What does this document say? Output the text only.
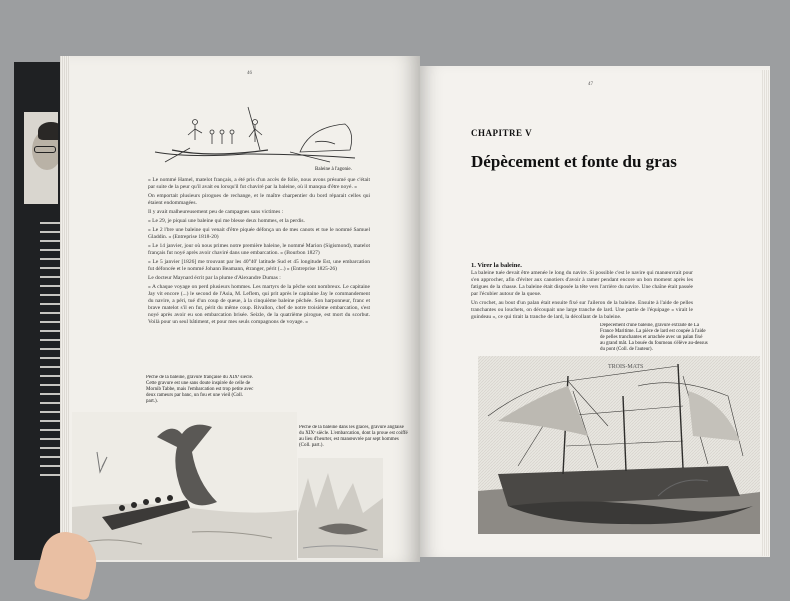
46
Baleine à l'agonie.

« Le nommé Hamel, matelot français, a été pris d'un accès de folie, nous avons présumé que c'était par suite de la peur qu'il avait eu lorsqu'il fut chaviré par la baleine, où il manqua d'être noyé. »

On emportait plusieurs pirogues de rechange, et le maître charpentier du bord réparait celles qui étaient endommagées.

Il y avait malheureusement peu de campagnes sans victimes :

« Le 29, je piquai une baleine qui me blesse deux hommes, et la perdis.

« Le 2 l'bre une baleine qui venait d'être piquée défonça un de mes canots et tue le nommé Samuel Gladdin. » (Entreprise 1818-20)

« Le 14 janvier, jour où nous primes notre première baleine, le nommé Marion (Sigismond), matelot français fut noyé après avoir chaviré dans une embarcation. » (Bourbon 1827)

« Le 5 janvier [1826] me trouvant par les 40°40' latitude Sud et 45 longitude Est, une embarcation fut défoncée et le nommé Johann Beamann, étranger, périt (...) » (Entreprise 1825-26)

Le docteur Maynard écrit par la plume d'Alexandre Dumas :

« A chaque voyage on perd plusieurs hommes. Les martyrs de la pêche sont nombreux. Le capitaine Jay vit encore (...) le second de l'Asia, M. Leflem, qui prit après le capitaine Jay le commandement du navire, a péri, tué d'un coup de queue, à la cinquième baleine pêchée. Son harponneur, franc et brave matelot s'il en fut, périt du même coup. Rivallon, chef de notre troisième embarcation, s'est noyé après avoir eu son embarcation brisée. Seizle, de la quatrième pirogue, est mort du scorbut. Voilà pour un seul bâtiment, et pour mes seuls compagnons de voyage. »

Pêche de la baleine, gravure française du XIXᵉ siècle. Cette gravure est une sans doute inspirée de celle de Mornib Tabbe, mais l'embarcation est trop petite avec deux rameurs par banc, un fou et une vieil (Coll. part.).
Pêche de la baleine dans les glaces, gravure anglaise du XIXᵉ siècle. L'embarcation, dont la proue est coiffé au lieu d'heurter, est manœuvrée par sept hommes (Coll. part.).
47
CHAPITRE V
Dépècement et fonte du gras
1. Virer la baleine.

La baleine tuée devait être amenée le long du navire. Si possible c'est le navire qui manœuvrait pour s'en approcher, afin d'éviter aux canotiers d'avoir à ramer pendant encore un bon moment après les fatigues de la chasse. La baleine était disposée la tête vers l'arrière du navire. Une chaîne était passée par l'écubier autour de la queue.

Un crochet, au bout d'un palan était ensuite fixé sur l'aileron de la baleine. Ensuite à l'aide de pelles tranchantes ou louchets, on découpait une large tranche de lard. Une partie de l'équipage « virait le guindeau », ce qui tirait la tranche de lard, la décollant de la baleine.

Dépècement d'une baleine, gravure extraite de La France Maritime. La pièce de lard est coupée à l'aide de pelles tranchantes et arrachée avec un palan fixé au grand mât. La bouée du fourneau s'élève au-dessus du pont (Coll. de l'auteur).
TROIS-MATS
